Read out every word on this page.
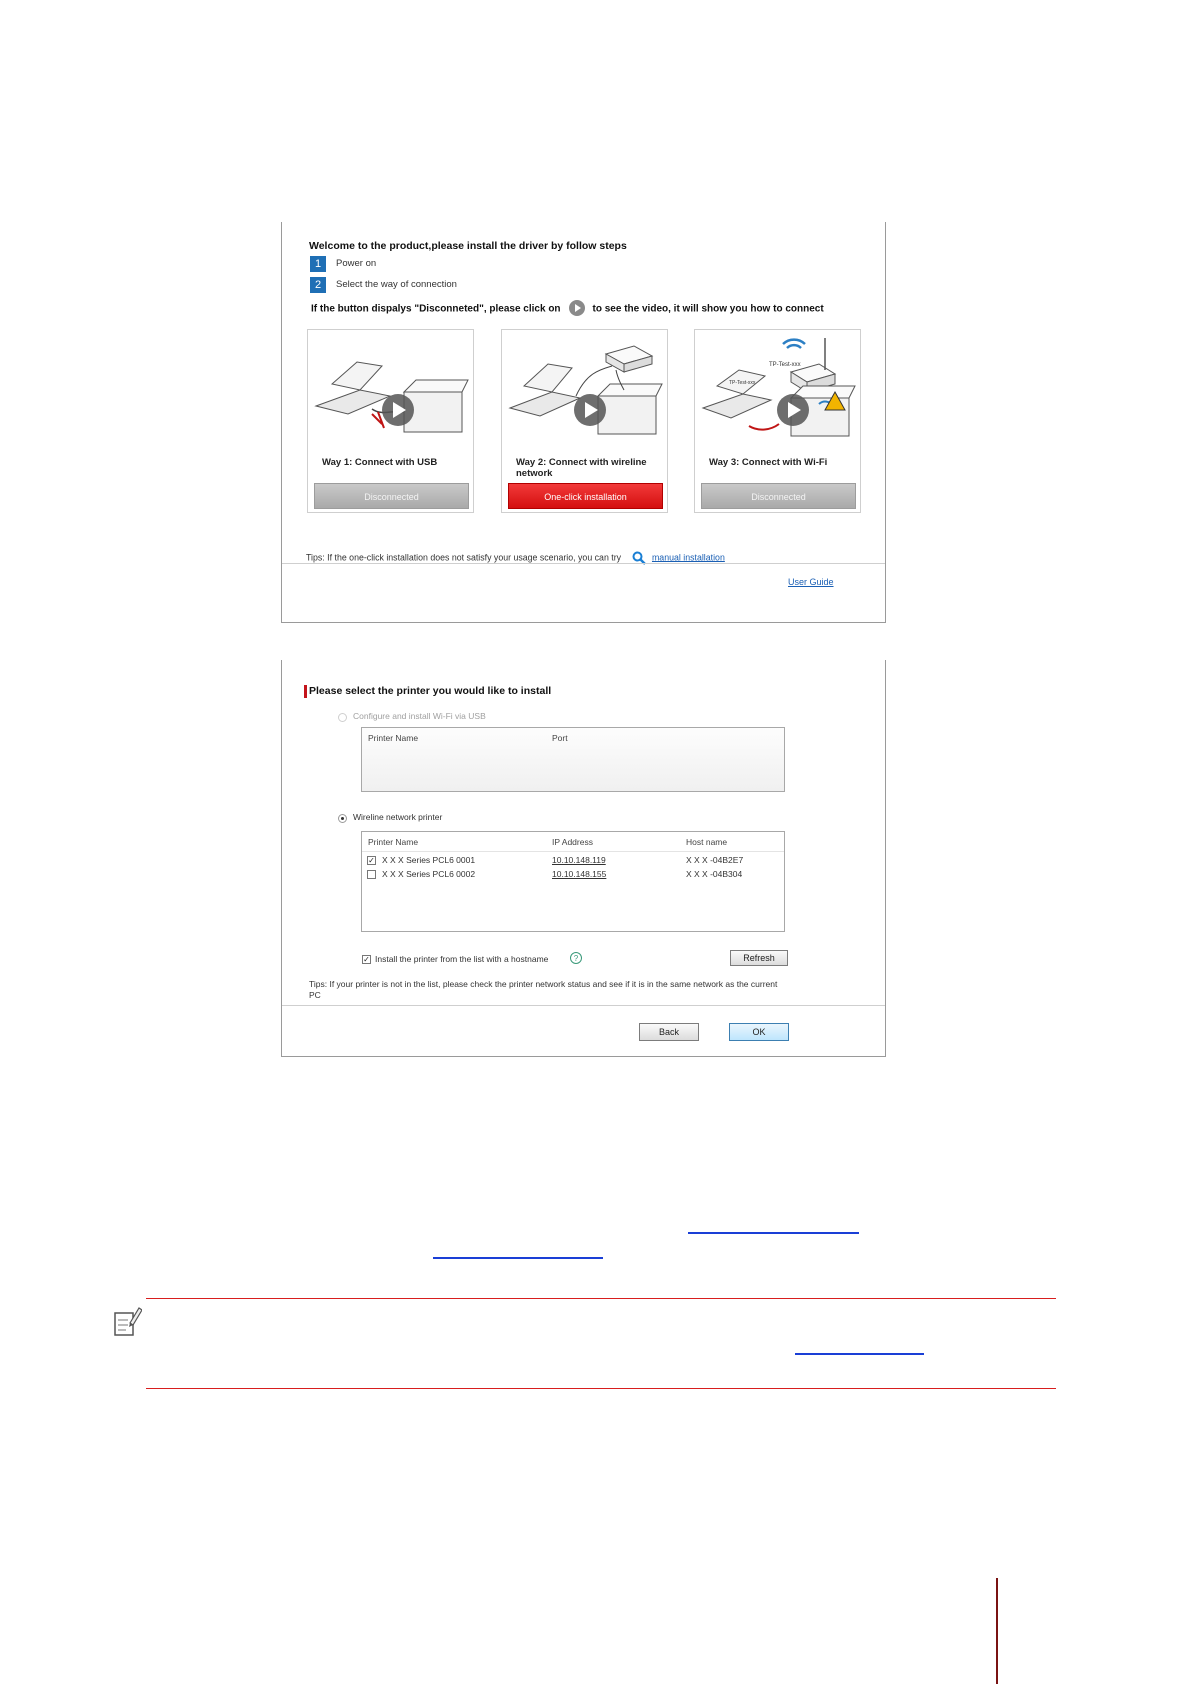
Welcome to the product,please install the driver by follow steps
1	Power on
2	Select the way of connection
If the button dispalys "Disconneted", please click on	to see the video, it will show you how to connect
Way 1: Connect with USB
Disconnected
Way 2: Connect with wireline network
One-click installation
TP-Test-xxx
TP-Test-xxx
Way 3: Connect with Wi-Fi
Disconnected
Tips: If the one-click installation does not satisfy your usage scenario, you can try	manual installation
User Guide
Please select the printer you would like to install
Configure and install Wi-Fi via USB
Printer Name	Port
Wireline network printer
Printer Name	IP Address	Host name
✓ X X X Series PCL6 0001	10.10.148.119	X X X -04B2E7
X X X Series PCL6 0002	10.10.148.155	X X X -04B304
✓ Install the printer from the list with a hostname	?	Refresh
Tips: If your printer is not in the list, please check the printer network status and see if it is in the same network as the current PC
Back	OK
